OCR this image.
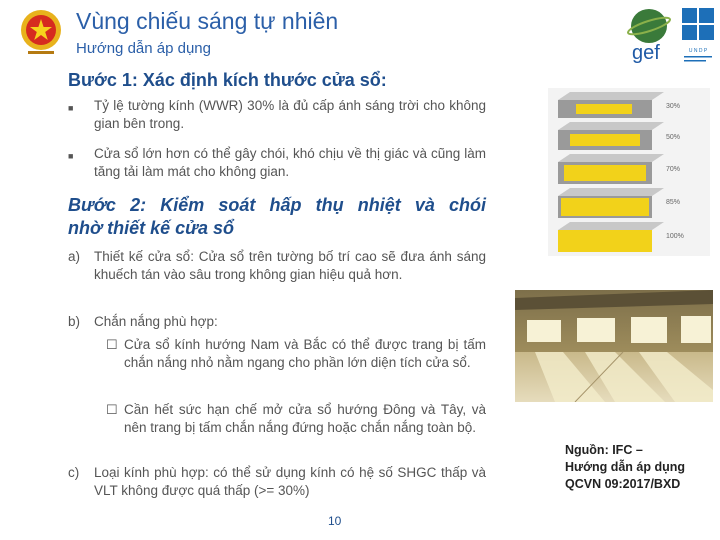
Vùng chiếu sáng tự nhiên
Hướng dẫn áp dụng	gef	U N D P
Bước 1: Xác định kích thước cửa sổ:
■ Tỷ lệ tường kính (WWR) 30% là đủ cấp ánh sáng trời cho không gian bên trong.
■ Cửa sổ lớn hơn có thể gây chói, khó chịu về thị giác và cũng làm tăng tải làm mát cho không gian.
Bước 2: Kiểm soát hấp thụ nhiệt và chói
nhờ thiết kế cửa sổ
a) Thiết kế cửa sổ: Cửa sổ trên tường bố trí cao sẽ đưa ánh sáng khuếch tán vào sâu trong không gian hiệu quả hơn.
b) Chắn nắng phù hợp:
☐ Cửa sổ kính hướng Nam và Bắc có thể được trang bị tấm chắn nắng nhỏ nằm ngang cho phần lớn diện tích cửa sổ.
☐ Cần hết sức hạn chế mở cửa sổ hướng Đông và Tây, và nên trang bị tấm chắn nắng đứng hoặc chắn nắng toàn bộ.
c) Loại kính phù hợp: có thể sử dụng kính có hệ số SHGC thấp và VLT không được quá thấp (>= 30%)
30%
50%
70%
85%
100%
Nguồn: IFC –
Hướng dẫn áp dụng
QCVN 09:2017/BXD
10
